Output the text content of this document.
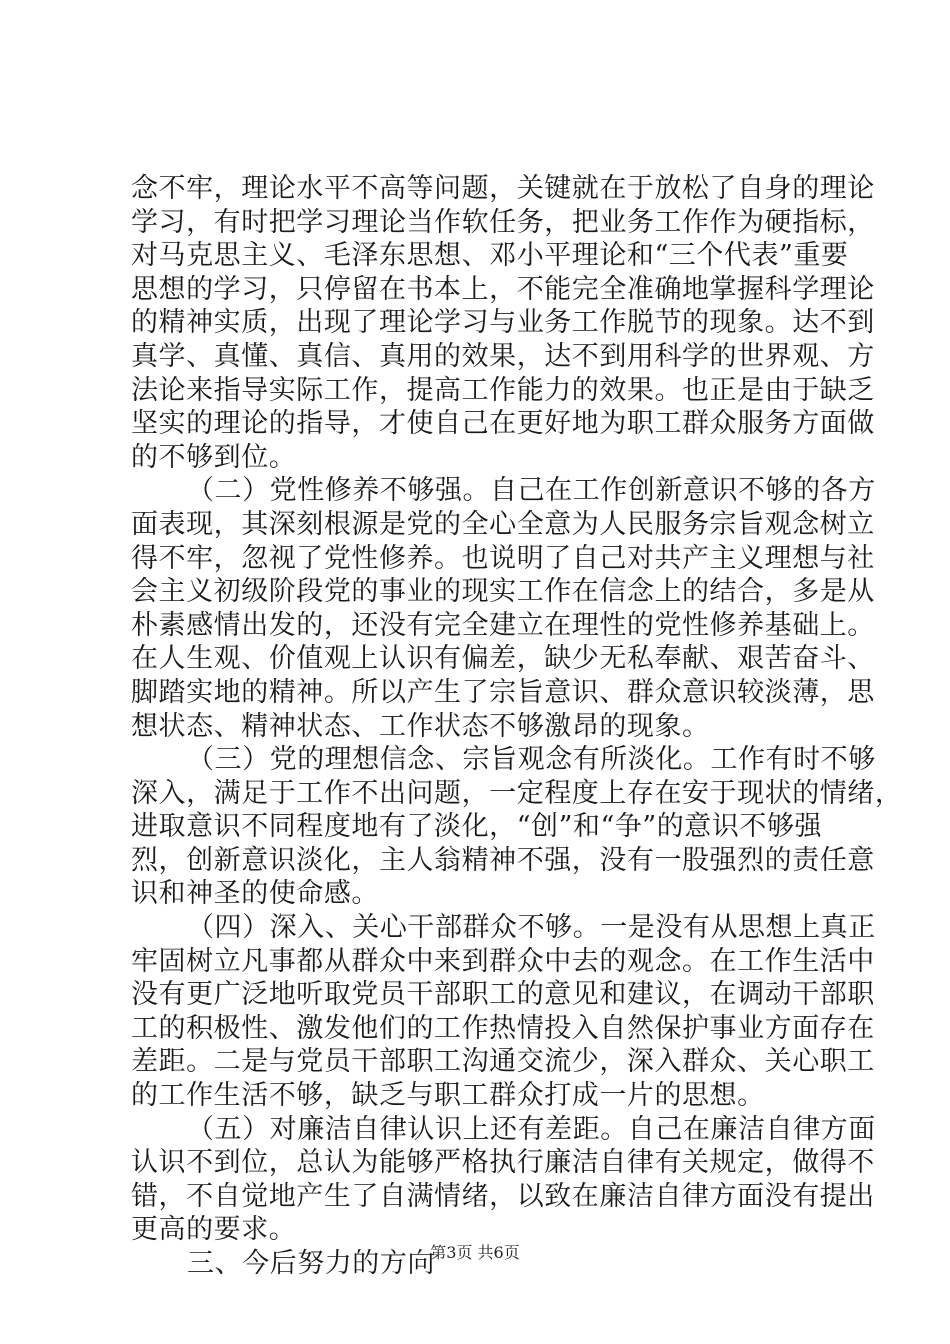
念不牢，理论水平不高等问题，关键就在于放松了自身的理论
学习，有时把学习理论当作软任务，把业务工作作为硬指标，
对马克思主义、毛泽东思想、邓小平理论和“三个代表”重要
思想的学习，只停留在书本上，不能完全准确地掌握科学理论
的精神实质，出现了理论学习与业务工作脱节的现象。达不到
真学、真懂、真信、真用的效果，达不到用科学的世界观、方
法论来指导实际工作，提高工作能力的效果。也正是由于缺乏
坚实的理论的指导，才使自己在更好地为职工群众服务方面做
的不够到位。
（二）党性修养不够强。自己在工作创新意识不够的各方
面表现，其深刻根源是党的全心全意为人民服务宗旨观念树立
得不牢，忽视了党性修养。也说明了自己对共产主义理想与社
会主义初级阶段党的事业的现实工作在信念上的结合，多是从
朴素感情出发的，还没有完全建立在理性的党性修养基础上。
在人生观、价值观上认识有偏差，缺少无私奉献、艰苦奋斗、
脚踏实地的精神。所以产生了宗旨意识、群众意识较淡薄，思
想状态、精神状态、工作状态不够激昂的现象。
（三）党的理想信念、宗旨观念有所淡化。工作有时不够
深入，满足于工作不出问题，一定程度上存在安于现状的情绪，
进取意识不同程度地有了淡化，“创”和“争”的意识不够强
烈，创新意识淡化，主人翁精神不强，没有一股强烈的责任意
识和神圣的使命感。
（四）深入、关心干部群众不够。一是没有从思想上真正
牢固树立凡事都从群众中来到群众中去的观念。在工作生活中
没有更广泛地听取党员干部职工的意见和建议，在调动干部职
工的积极性、激发他们的工作热情投入自然保护事业方面存在
差距。二是与党员干部职工沟通交流少，深入群众、关心职工
的工作生活不够，缺乏与职工群众打成一片的思想。
（五）对廉洁自律认识上还有差距。自己在廉洁自律方面
认识不到位，总认为能够严格执行廉洁自律有关规定，做得不
错，不自觉地产生了自满情绪，以致在廉洁自律方面没有提出
更高的要求。
三、今后努力的方向
第3页 共6页
